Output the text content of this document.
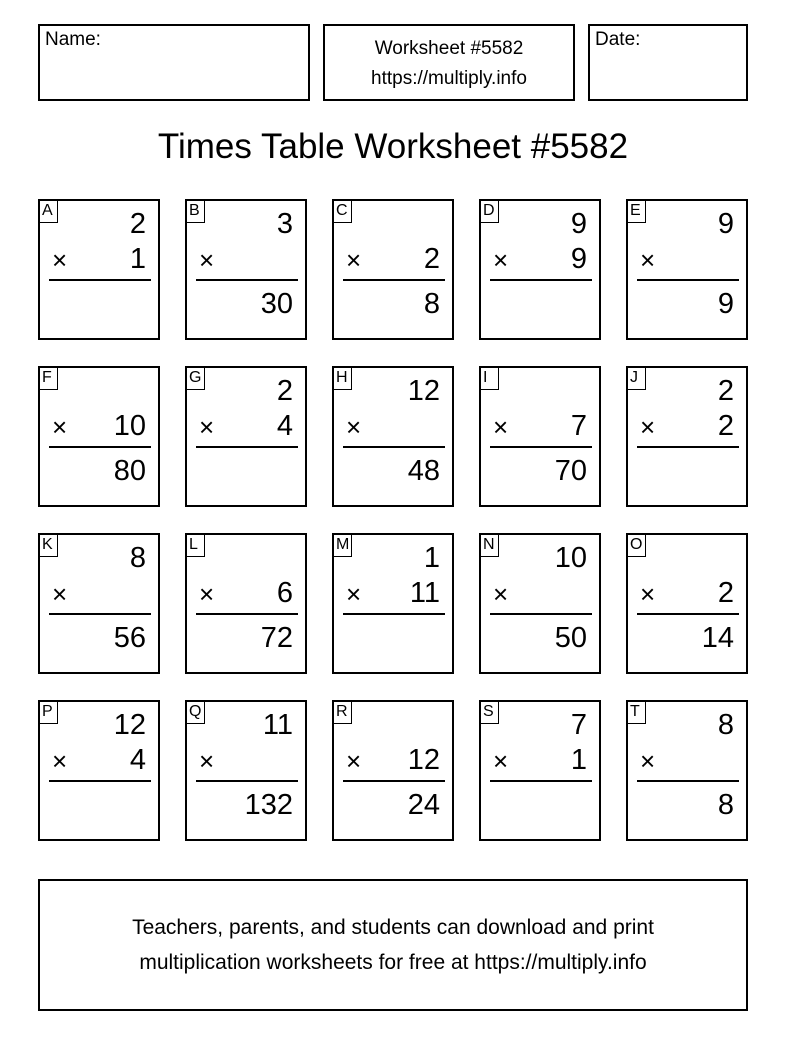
Name:	Worksheet #5582
https://multiply.info
Date:
Times Table Worksheet #5582
A	2
× 1
B	3
×
30
C
× 2
8
D	9
× 9
E	9
×
9
F
× 10
80
G	2
× 4
H 12
×
48
I
× 7
70
J	2
× 2
K	8
×
56
L
× 6
72
M	1
× 11
N 10
×
50
O
× 2
14
P 12
× 4
Q 11
×
132
R
× 12
24
S	7
× 1
T	8
×
8
Teachers, parents, and students can download and print
multiplication worksheets for free at https://multiply.info
